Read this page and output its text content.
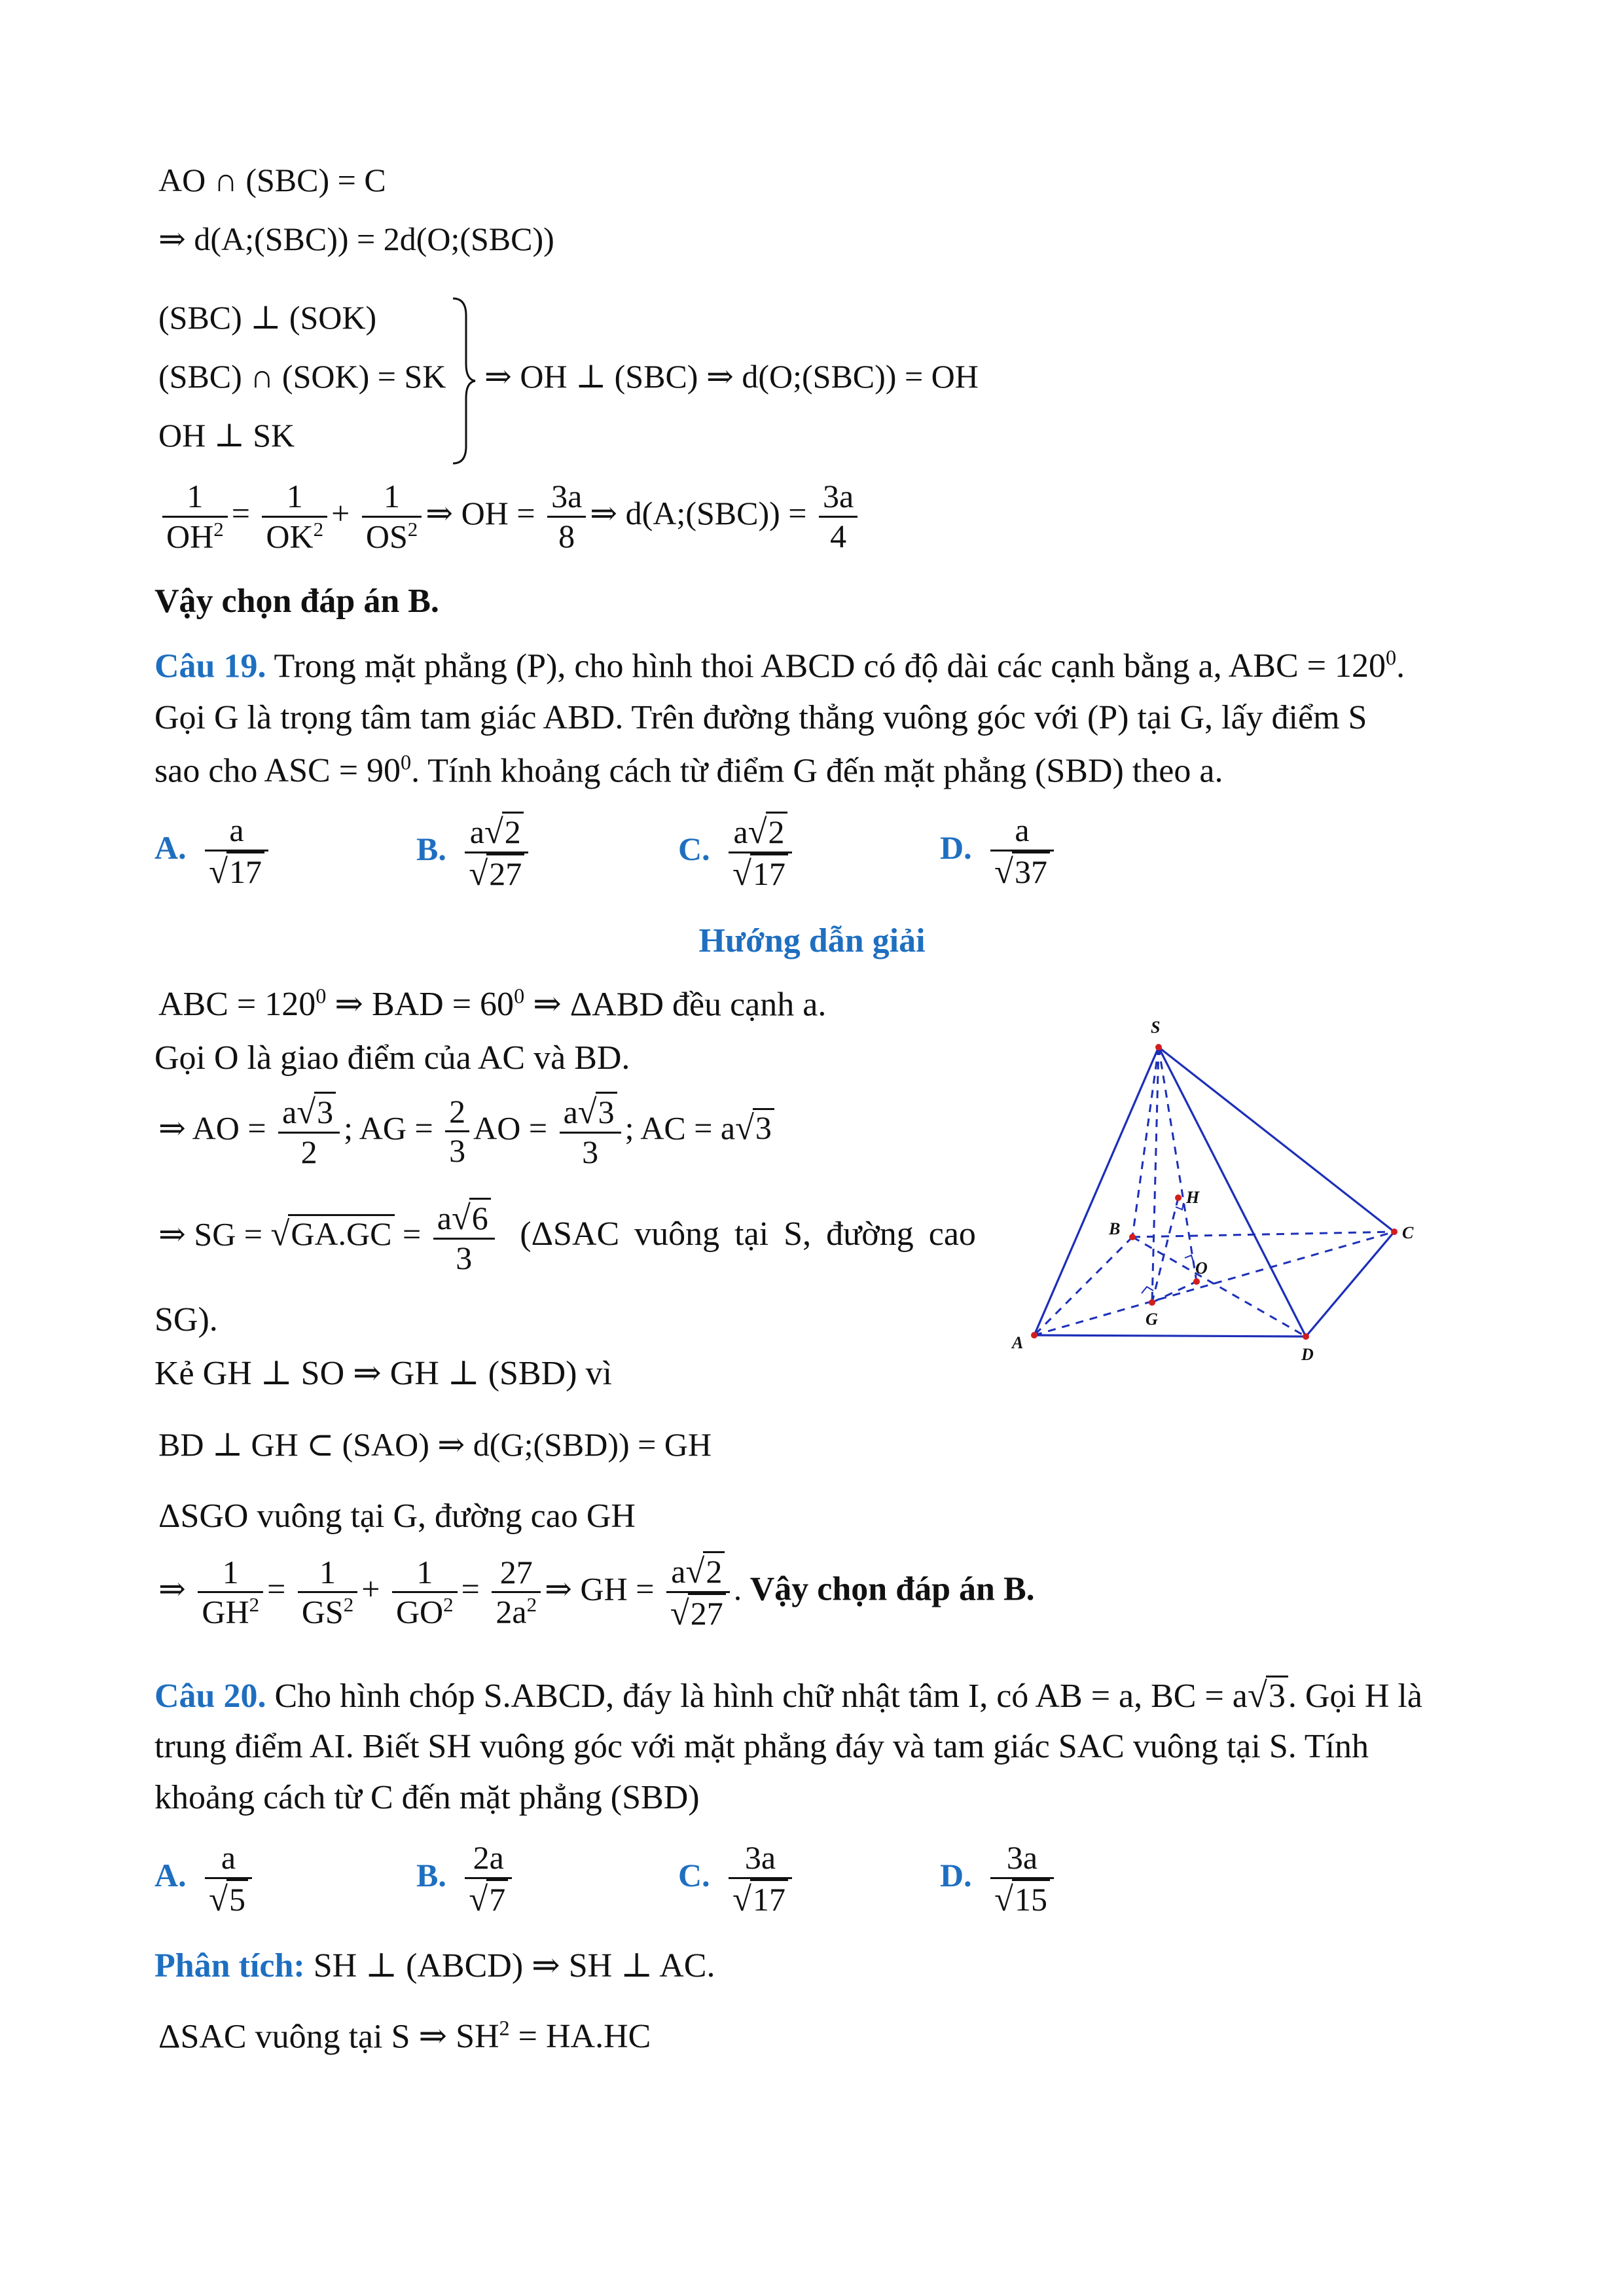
AO ∩ (SBC) = C
⇒ d(A;(SBC)) = 2d(O;(SBC))
(SBC) ⊥ (SOK)
(SBC) ∩ (SOK) = SK
OH ⊥ SK
⇒ OH ⊥ (SBC) ⇒ d(O;(SBC)) = OH
$\frac{1}{OH^2} = \frac{1}{OK^2} + \frac{1}{OS^2}$ ⇒ OH = $\frac{3a}{8}$ ⇒ d(A;(SBC)) = $\frac{3a}{4}$
Vậy chọn đáp án B.
Câu 19. Trong mặt phẳng (P), cho hình thoi ABCD có độ dài các cạnh bằng a, ABC = $120^0$.
Gọi G là trọng tâm tam giác ABD. Trên đường thẳng vuông góc với (P) tại G, lấy điểm S
sao cho ASC = $90^0$. Tính khoảng cách từ điểm G đến mặt phẳng (SBD) theo a.
A. $\frac{a}{√17}$	B. $\frac{a√2}{√27}$	C. $\frac{a√2}{√17}$	D. $\frac{a}{√37}$
Hướng dẫn giải
ABC = $120^0$ ⇒ BAD = $60^0$ ⇒ ΔABD đều cạnh a.
Gọi O là giao điểm của AC và BD.
⇒ AO = $\frac{a√3}{2}$ ; AG = $\frac{2}{3}$ AO = $\frac{a√3}{3}$ ; AC = a√3
⇒ SG = $√GA.GC = \frac{a√6}{3} (\Delta SAC$ vuông tại S, đường cao
SG).
Kẻ GH ⊥ SO ⇒ GH ⊥ (SBD) vì
BD ⊥ GH ⊂ (SAO) ⇒ d(G;(SBD)) = GH
ΔSGO vuông tại G, đường cao GH
⇒ $\frac{1}{GH^2} = \frac{1}{GS^2} + \frac{1}{GO^2} = \frac{27}{2a^2}$ ⇒ GH = $\frac{a√2}{√27}$ . Vậy chọn đáp án B.
S
A
D
C
B
G
O
H
Câu 20. Cho hình chóp S.ABCD, đáy là hình chữ nhật tâm I, có AB = a, BC = a√3. Gọi H là
trung điểm AI. Biết SH vuông góc với mặt phẳng đáy và tam giác SAC vuông tại S. Tính
khoảng cách từ C đến mặt phẳng (SBD)
A. $\frac{a}{√5}$	B. $\frac{2a}{√7}$	C. $\frac{3a}{√17}$	D. $\frac{3a}{√15}$
Phân tích: SH ⊥ (ABCD) ⇒ SH ⊥ AC.
ΔSAC vuông tại S ⇒ $SH^2 = HA.HC$
